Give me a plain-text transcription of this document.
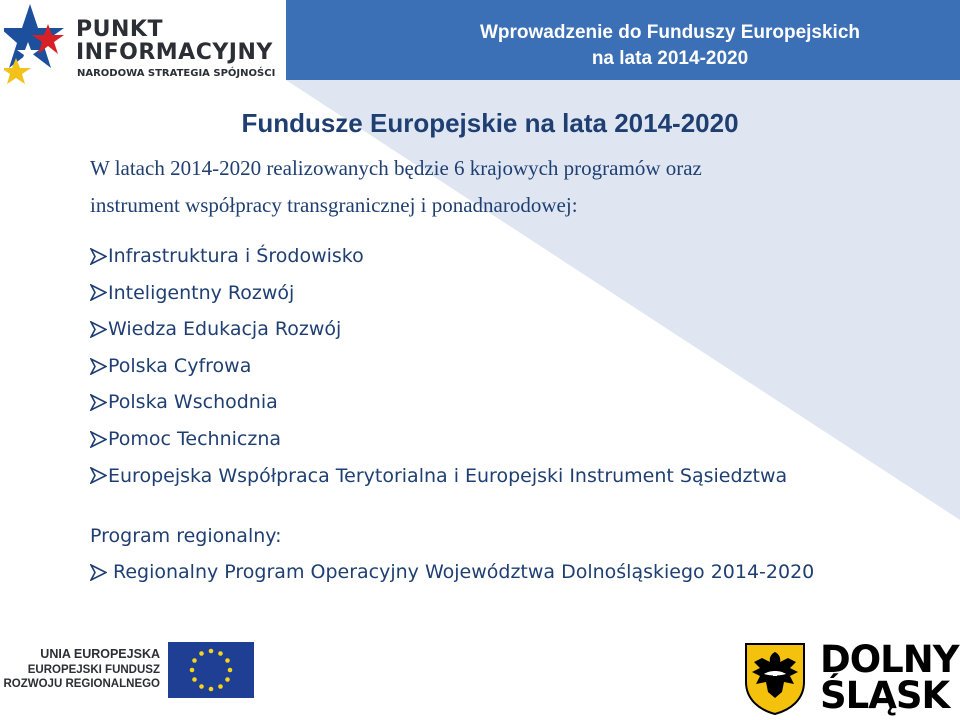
Wprowadzenie do Funduszy Europejskich
na lata 2014-2020
PUNKT
INFORMACYJNY
NARODOWA STRATEGIA SPÓJNOŚCI
Fundusze Europejskie na lata 2014-2020

W latach 2014-2020 realizowanych będzie 6 krajowych programów oraz
instrument współpracy transgranicznej i ponadnarodowej:

Infrastruktura i Środowisko
Inteligentny Rozwój
Wiedza Edukacja Rozwój
Polska Cyfrowa
Polska Wschodnia
Pomoc Techniczna
Europejska Współpraca Terytorialna i Europejski Instrument Sąsiedztwa

Program regionalny:

Regionalny Program Operacyjny Województwa Dolnośląskiego 2014-2020
UNIA EUROPEJSKA
EUROPEJSKI FUNDUSZ
ROZWOJU REGIONALNEGO
DOLNY
ŚLĄSK
